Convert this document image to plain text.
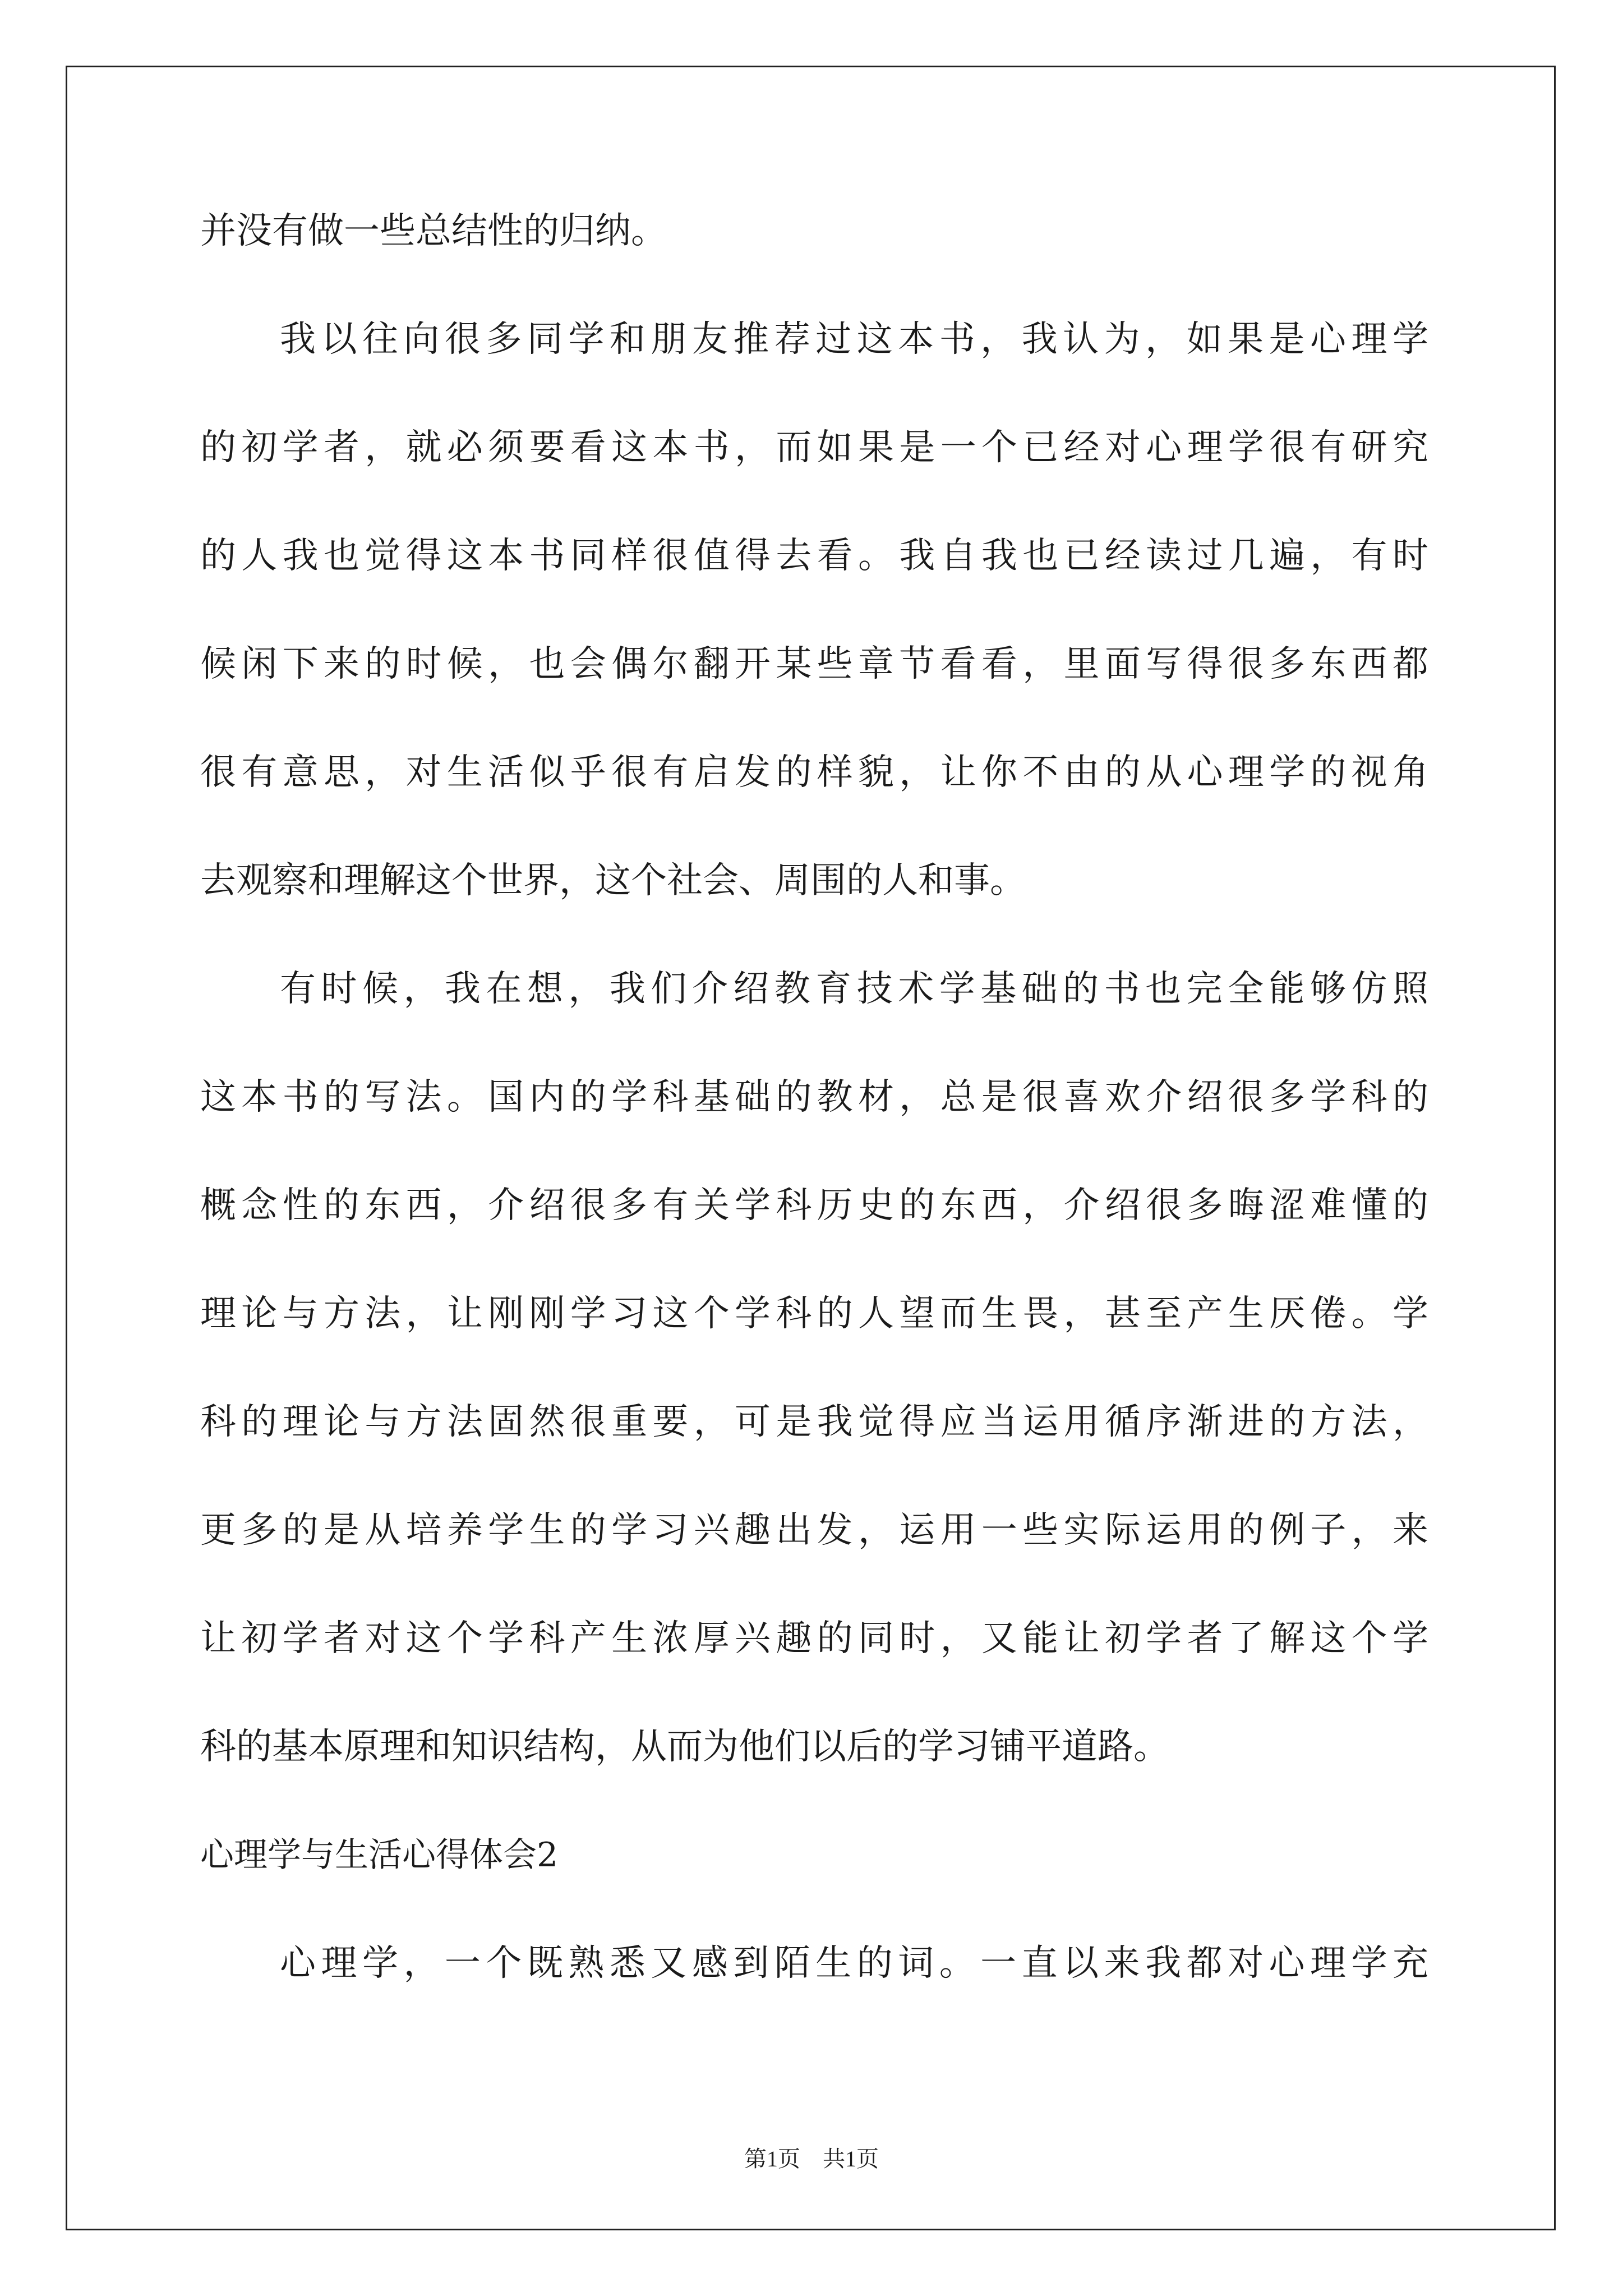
并没有做一些总结性的归纳。
我以往向很多同学和朋友推荐过这本书，我认为，如果是心理学
的初学者，就必须要看这本书，而如果是一个已经对心理学很有研究
的人我也觉得这本书同样很值得去看。我自我也已经读过几遍，有时
候闲下来的时候，也会偶尔翻开某些章节看看，里面写得很多东西都
很有意思，对生活似乎很有启发的样貌，让你不由的从心理学的视角
去观察和理解这个世界，这个社会、周围的人和事。
有时候，我在想，我们介绍教育技术学基础的书也完全能够仿照
这本书的写法。国内的学科基础的教材，总是很喜欢介绍很多学科的
概念性的东西，介绍很多有关学科历史的东西，介绍很多晦涩难懂的
理论与方法，让刚刚学习这个学科的人望而生畏，甚至产生厌倦。学
科的理论与方法固然很重要，可是我觉得应当运用循序渐进的方法，
更多的是从培养学生的学习兴趣出发，运用一些实际运用的例子，来
让初学者对这个学科产生浓厚兴趣的同时，又能让初学者了解这个学
科的基本原理和知识结构，从而为他们以后的学习铺平道路。
心理学与生活心得体会2
心理学，一个既熟悉又感到陌生的词。一直以来我都对心理学充
第1页 共1页
